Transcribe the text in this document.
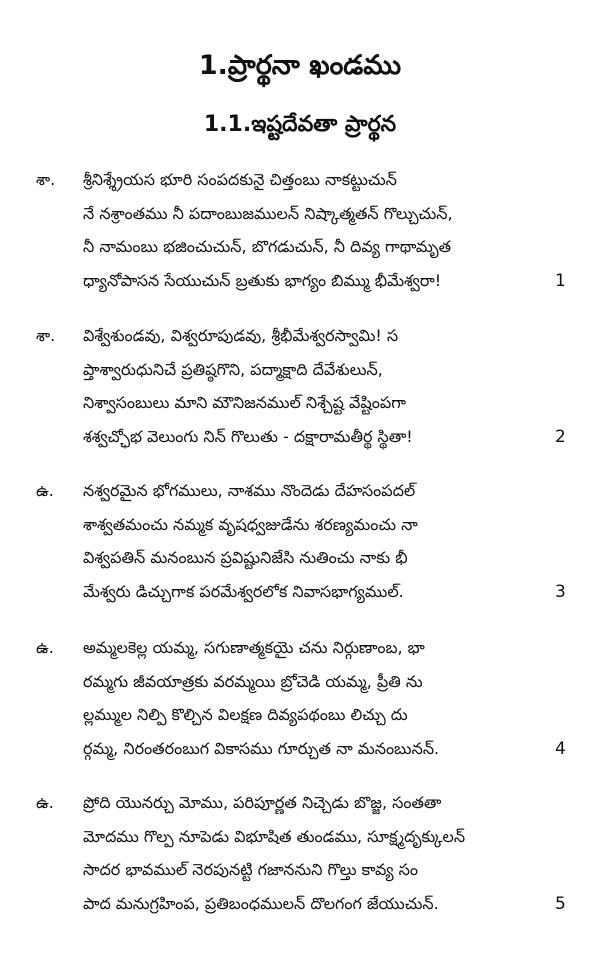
1.ప్రార్థనా ఖండము
1.1.ఇష్టదేవతా ప్రార్థన
శా. శ్రీనిశ్శ్రేయస భూరి సంపదకునై చిత్తంబు నాకట్టుచున్
నే నశ్రాంతము నీ పదాంబుజములన్ నిష్కాత్మతన్ గొల్చుచున్,
నీ నామంబు భజించుచున్, బొగడుచున్, నీ దివ్య గాథామృత
ధ్యానోపాసన సేయుచున్ బ్రతుకు భాగ్యం బిమ్ము భీమేశ్వరా!	1
శా. విశ్వేశుండవు, విశ్వరూపుడవు, శ్రీభీమేశ్వరస్వామి! స
ప్తాశ్వారుధునిచే ప్రతిష్ఠగొని, పద్మాక్షాది దేవేశులున్,
నిశ్వాసంబులు మాని మౌనిజనముల్ నిశ్చేష్ట వేష్టింపగా
శశ్వచ్ఛోభ వెలుంగు నిన్ గొలుతు - దక్షారామతీర్థ స్థితా!	2
ఉ. నశ్వరమైన భోగములు, నాశము నొందెడు దేహసంపదల్
శాశ్వతమంచు నమ్మక వృషధ్వజుడేను శరణ్యమంచు నా
విశ్వపతిన్ మనంబున ప్రవిష్టునిజేసి నుతించు నాకు భీ
మేశ్వరు డిచ్చుగాక పరమేశ్వరలోక నివాసభాగ్యముల్.	3
ఉ. అమ్మలకెల్ల యమ్మ, సగుణాత్మకయై చను నిర్గుణాంబ, భా
రమ్మగు జీవయాత్రకు వరమ్మయి బ్రోచెడి యమ్మ, ప్రీతి ను
ల్లమ్ముల నిల్పి కొల్చిన విలక్షణ దివ్యపథంబు లిచ్చు దు
ర్గమ్మ, నిరంతరంబుగ వికాసము గూర్చుత నా మనంబునన్.	4
ఉ. ప్రోది యొనర్చు మోము, పరిపూర్ణత నిచ్చెడు బొజ్జ, సంతతా
మోదము గొల్ప నూపెడు విభూషిత తుండము, సూక్ష్మదృక్కులన్
సాదర భావముల్ నెరపునట్టి గజాననుని గొల్తు కావ్య సం
పాద మనుగ్రహింప, ప్రతిబంధములన్ దొలగంగ జేయుచున్.	5
